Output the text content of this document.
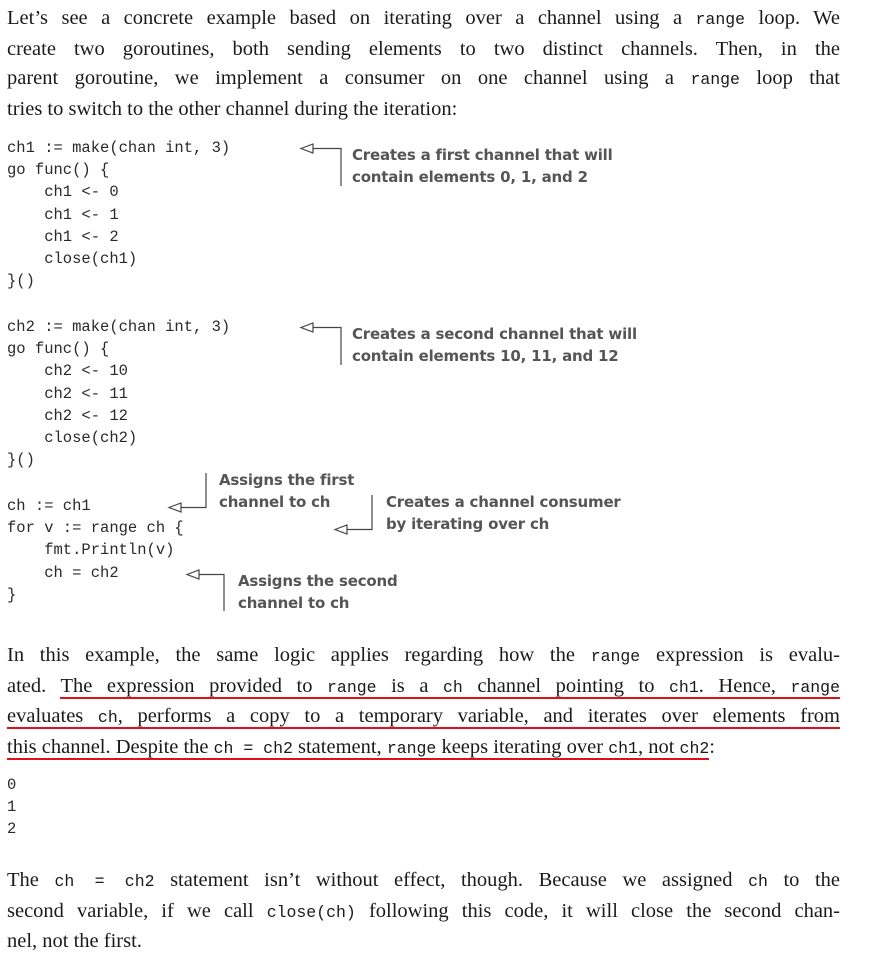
Let’s see a concrete example based on iterating over a channel using a range loop. We
create two goroutines, both sending elements to two distinct channels. Then, in the
parent goroutine, we implement a consumer on one channel using a range loop that
tries to switch to the other channel during the iteration:
ch1 := make(chan int, 3)
go func() {
ch1 <- 0
ch1 <- 1
ch1 <- 2
close(ch1)
}()
Creates a first channel that will
contain elements 0, 1, and 2
ch2 := make(chan int, 3)
go func() {
ch2 <- 10
ch2 <- 11
ch2 <- 12
close(ch2)
}()
Creates a second channel that will
contain elements 10, 11, and 12
ch := ch1
for v := range ch {
fmt.Println(v)
ch = ch2
}
Assigns the first
channel to ch	Creates a channel consumer
by iterating over ch
Assigns the second
channel to ch
In this example, the same logic applies regarding how the range expression is evalu-
ated. The expression provided to range is a ch channel pointing to ch1. Hence, range
evaluates ch, performs a copy to a temporary variable, and iterates over elements from
this channel. Despite the ch = ch2 statement, range keeps iterating over ch1, not ch2:
0
1
2
The ch = ch2 statement isn’t without effect, though. Because we assigned ch to the
second variable, if we call close(ch) following this code, it will close the second chan-
nel, not the first.
